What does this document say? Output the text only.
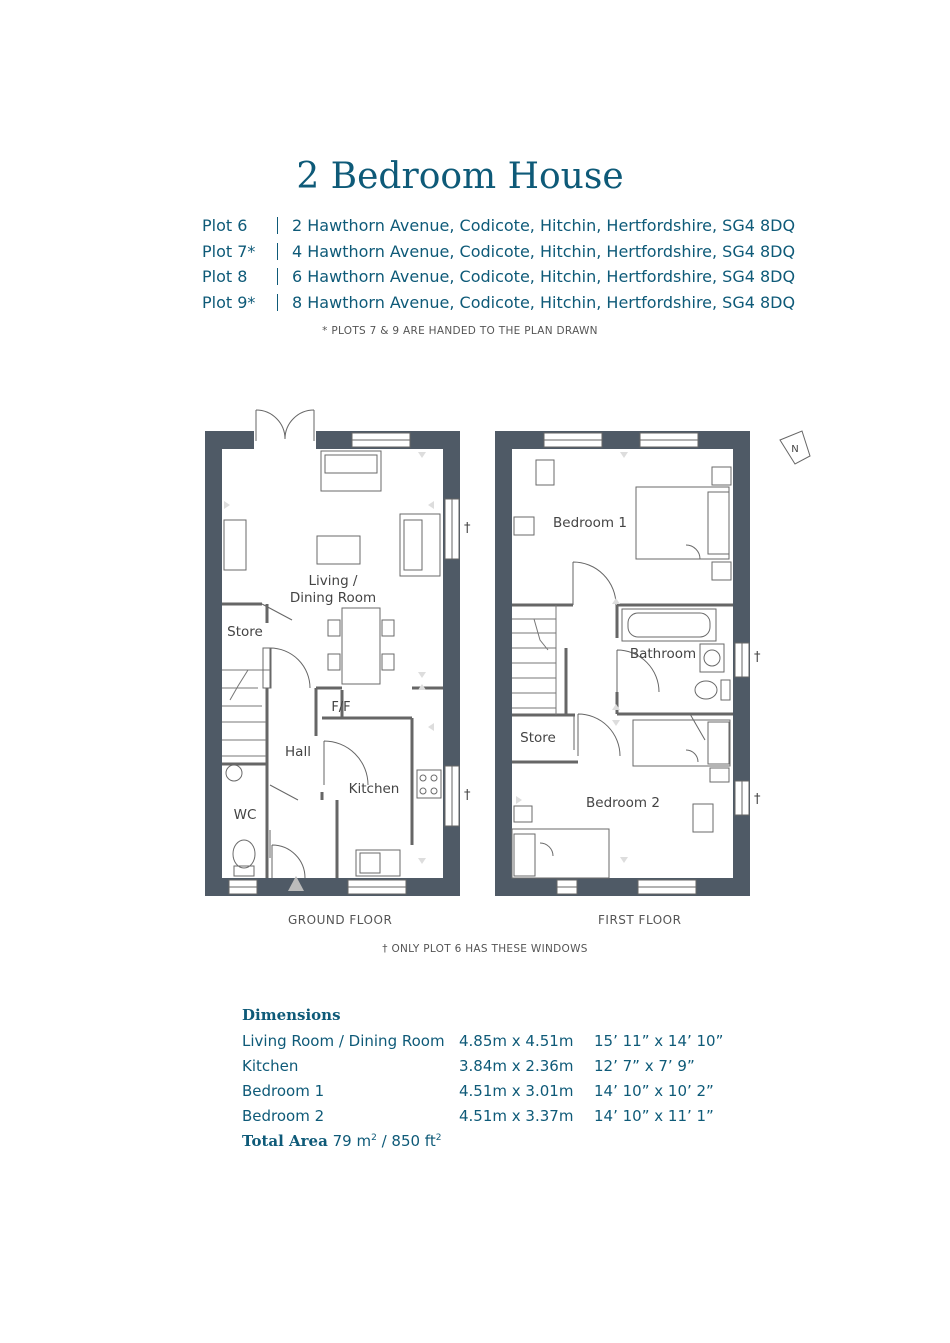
2 Bedroom House
Plot 6	2 Hawthorn Avenue, Codicote, Hitchin, Hertfordshire, SG4 8DQ
Plot 7*	4 Hawthorn Avenue, Codicote, Hitchin, Hertfordshire, SG4 8DQ
Plot 8	6 Hawthorn Avenue, Codicote, Hitchin, Hertfordshire, SG4 8DQ
Plot 9*	8 Hawthorn Avenue, Codicote, Hitchin, Hertfordshire, SG4 8DQ
* PLOTS 7 & 9 ARE HANDED TO THE PLAN DRAWN
Living /
Dining Room
Store
F/F
Hall
Kitchen
WC
†
†
Bedroom 1
Bathroom
Store
Bedroom 2
†
†
N
GROUND FLOOR	FIRST FLOOR
† ONLY PLOT 6 HAS THESE WINDOWS
Dimensions
Living Room / Dining Room 4.85m x 4.51m	15’ 11” x 14’ 10”
Kitchen	3.84m x 2.36m	12’ 7” x 7’ 9”
Bedroom 1	4.51m x 3.01m	14’ 10” x 10’ 2”
Bedroom 2	4.51m x 3.37m	14’ 10” x 11’ 1”
Total Area 79 $m^2 / 850$ $ft^2$
